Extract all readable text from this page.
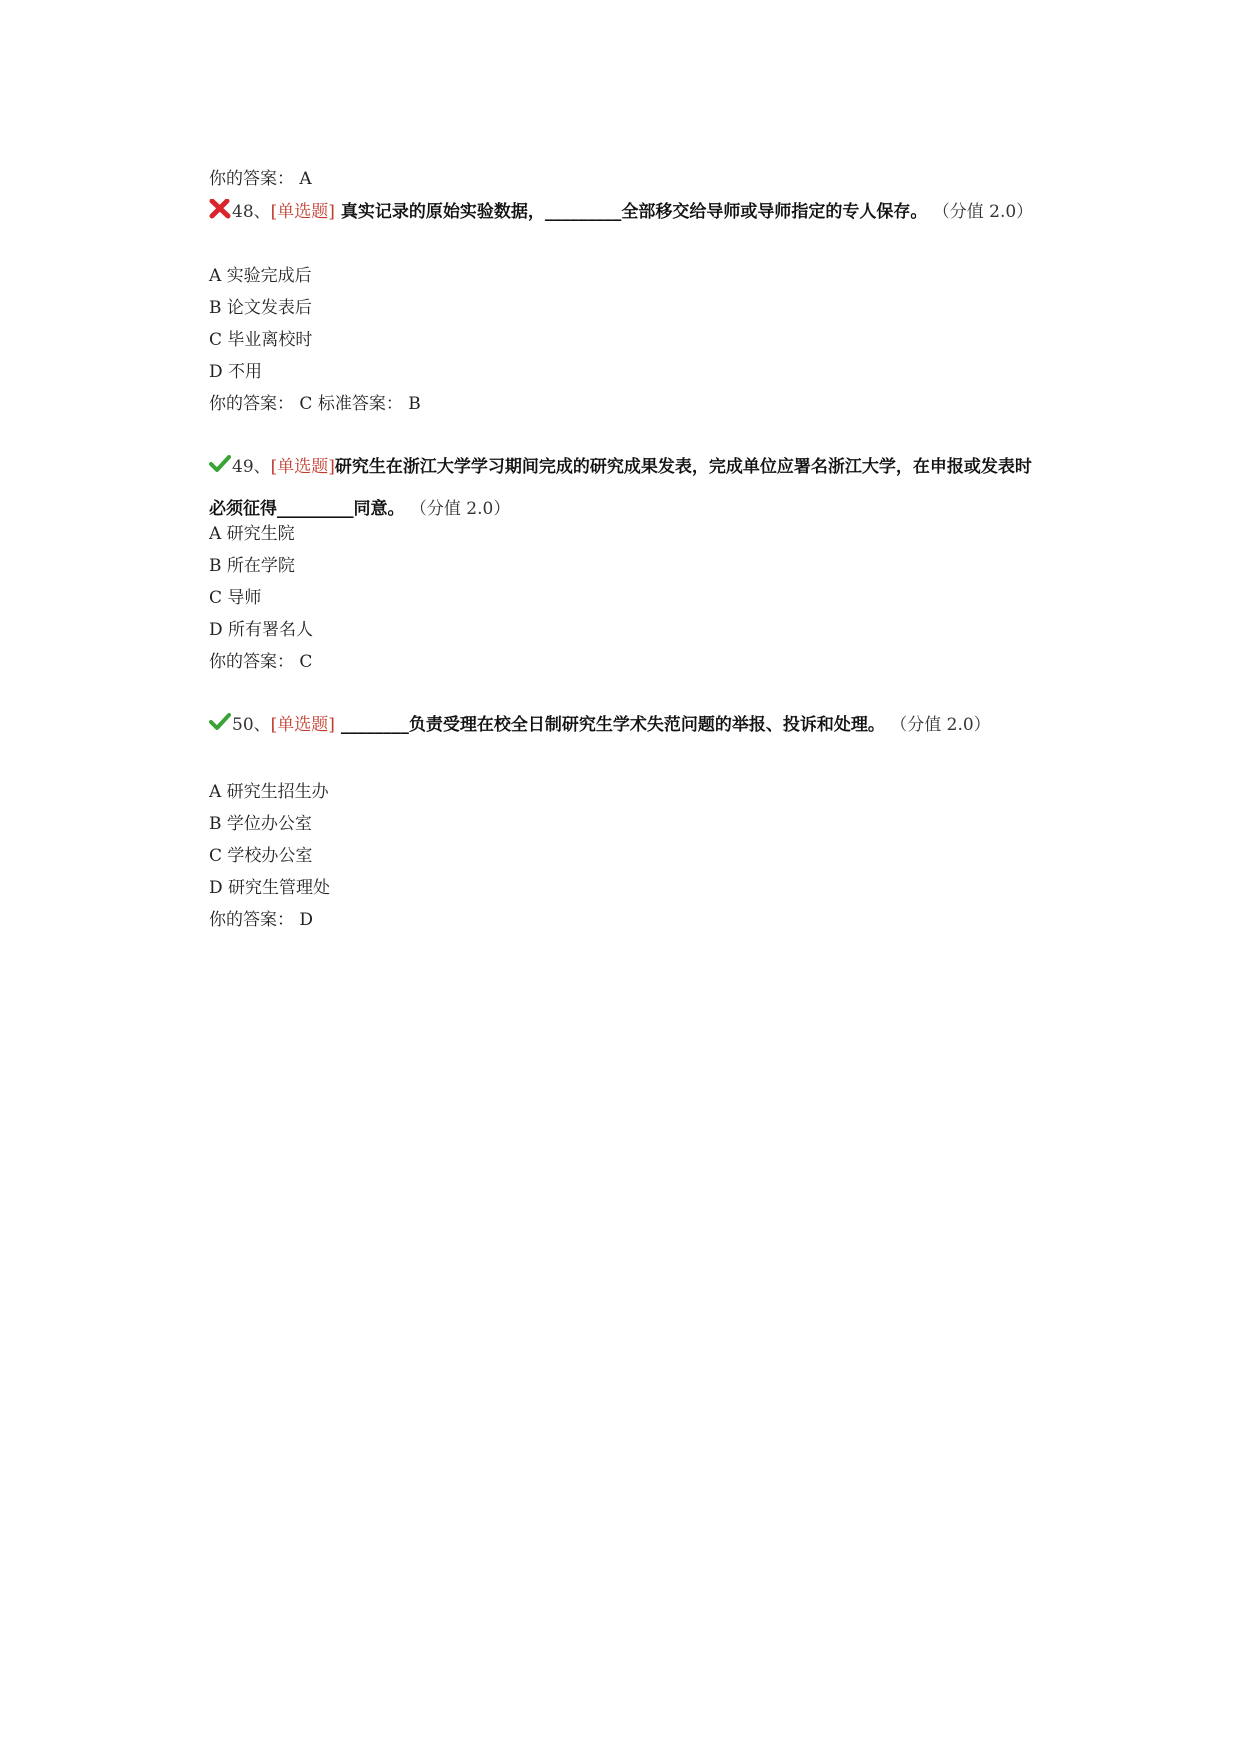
你的答案： A
48、[单选题] 真实记录的原始实验数据，_________全部移交给导师或导师指定的专人保存。 （分值 2.0）
A 实验完成后
B 论文发表后
C 毕业离校时
D 不用
你的答案： C 标准答案： B
49、[单选题]研究生在浙江大学学习期间完成的研究成果发表，完成单位应署名浙江大学，在申报或发表时必须征得_________同意。 （分值 2.0）
A 研究生院
B 所在学院
C 导师
D 所有署名人
你的答案： C
50、[单选题] ________负责受理在校全日制研究生学术失范问题的举报、投诉和处理。 （分值 2.0）
A 研究生招生办
B 学位办公室
C 学校办公室
D 研究生管理处
你的答案： D
